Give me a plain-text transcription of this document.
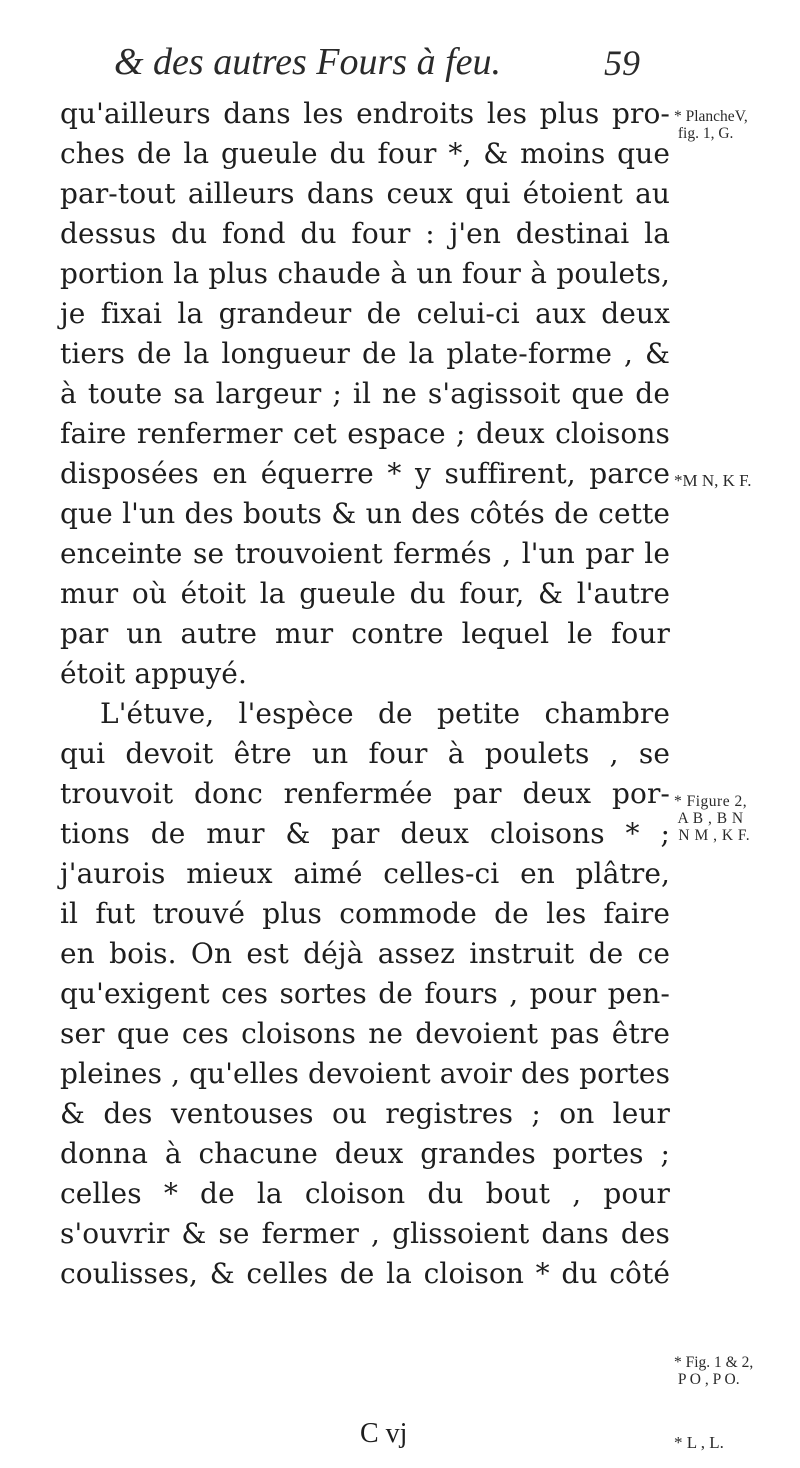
& des autres Fours à feu.	59
qu'ailleurs dans les endroits les plus pro-
ches de la gueule du four *, & moins que
par-tout ailleurs dans ceux qui étoient au
dessus du fond du four : j'en destinai la
portion la plus chaude à un four à poulets,
je fixai la grandeur de celui-ci aux deux
tiers de la longueur de la plate-forme , &
à toute sa largeur ; il ne s'agissoit que de
faire renfermer cet espace ; deux cloisons
disposées en équerre * y suffirent, parce
que l'un des bouts & un des côtés de cette
enceinte se trouvoient fermés , l'un par le
mur où étoit la gueule du four, & l'autre
par un autre mur contre lequel le four
étoit appuyé.
L'étuve, l'espèce de petite chambre
qui devoit être un four à poulets , se
trouvoit donc renfermée par deux por-
tions de mur & par deux cloisons * ;
j'aurois mieux aimé celles-ci en plâtre,
il fut trouvé plus commode de les faire
en bois. On est déjà assez instruit de ce
qu'exigent ces sortes de fours , pour pen-
ser que ces cloisons ne devoient pas être
pleines , qu'elles devoient avoir des portes
& des ventouses ou registres ; on leur
donna à chacune deux grandes portes ;
celles * de la cloison du bout , pour
s'ouvrir & se fermer , glissoient dans des
coulisses, & celles de la cloison * du côté
C vj
* PlancheV,
fig. 1, G.
*M N, K F.
* Figure 2,
A B , B N
N M , K F.
* Fig. 1 & 2,
P O , P O.
* L , L.
